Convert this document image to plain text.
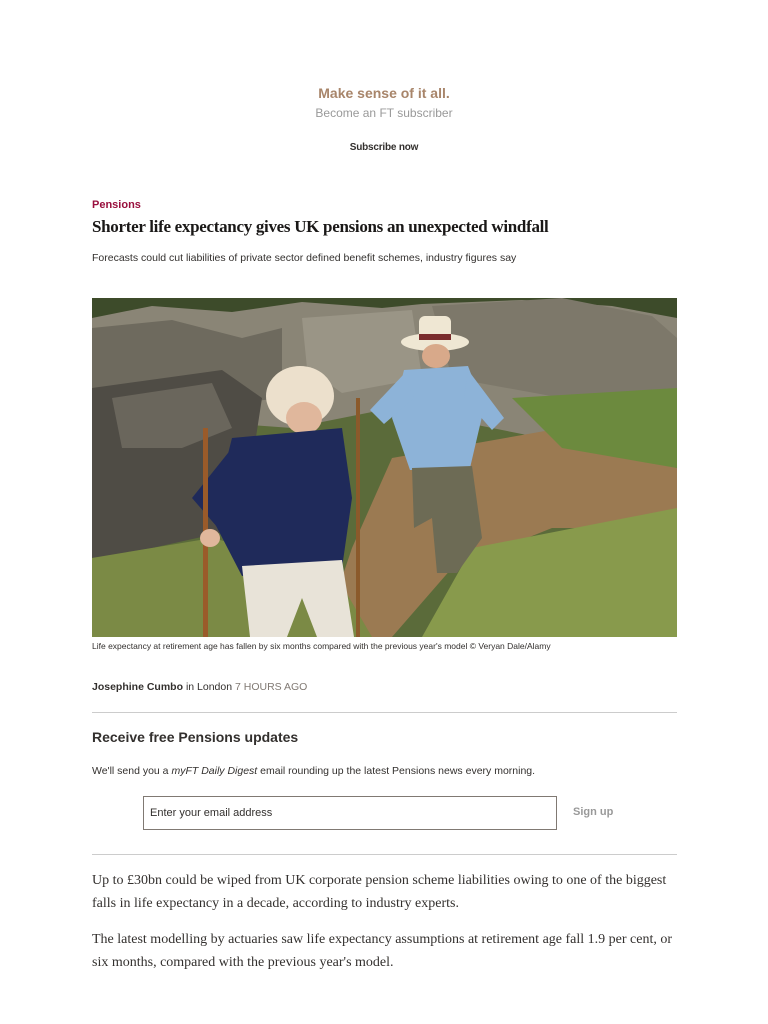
Make sense of it all.
Become an FT subscriber
Subscribe now
Pensions
Shorter life expectancy gives UK pensions an unexpected windfall
Forecasts could cut liabilities of private sector defined benefit schemes, industry figures say
Life expectancy at retirement age has fallen by six months compared with the previous year's model © Veryan Dale/Alamy
Josephine Cumbo in London 7 HOURS AGO
Receive free Pensions updates
We'll send you a myFT Daily Digest email rounding up the latest Pensions news every morning.
Enter your email address
Sign up

Up to £30bn could be wiped from UK corporate pension scheme liabilities owing to one of the biggest falls in life expectancy in a decade, according to industry experts.

The latest modelling by actuaries saw life expectancy assumptions at retirement age fall 1.9 per cent, or six months, compared with the previous year's model.
